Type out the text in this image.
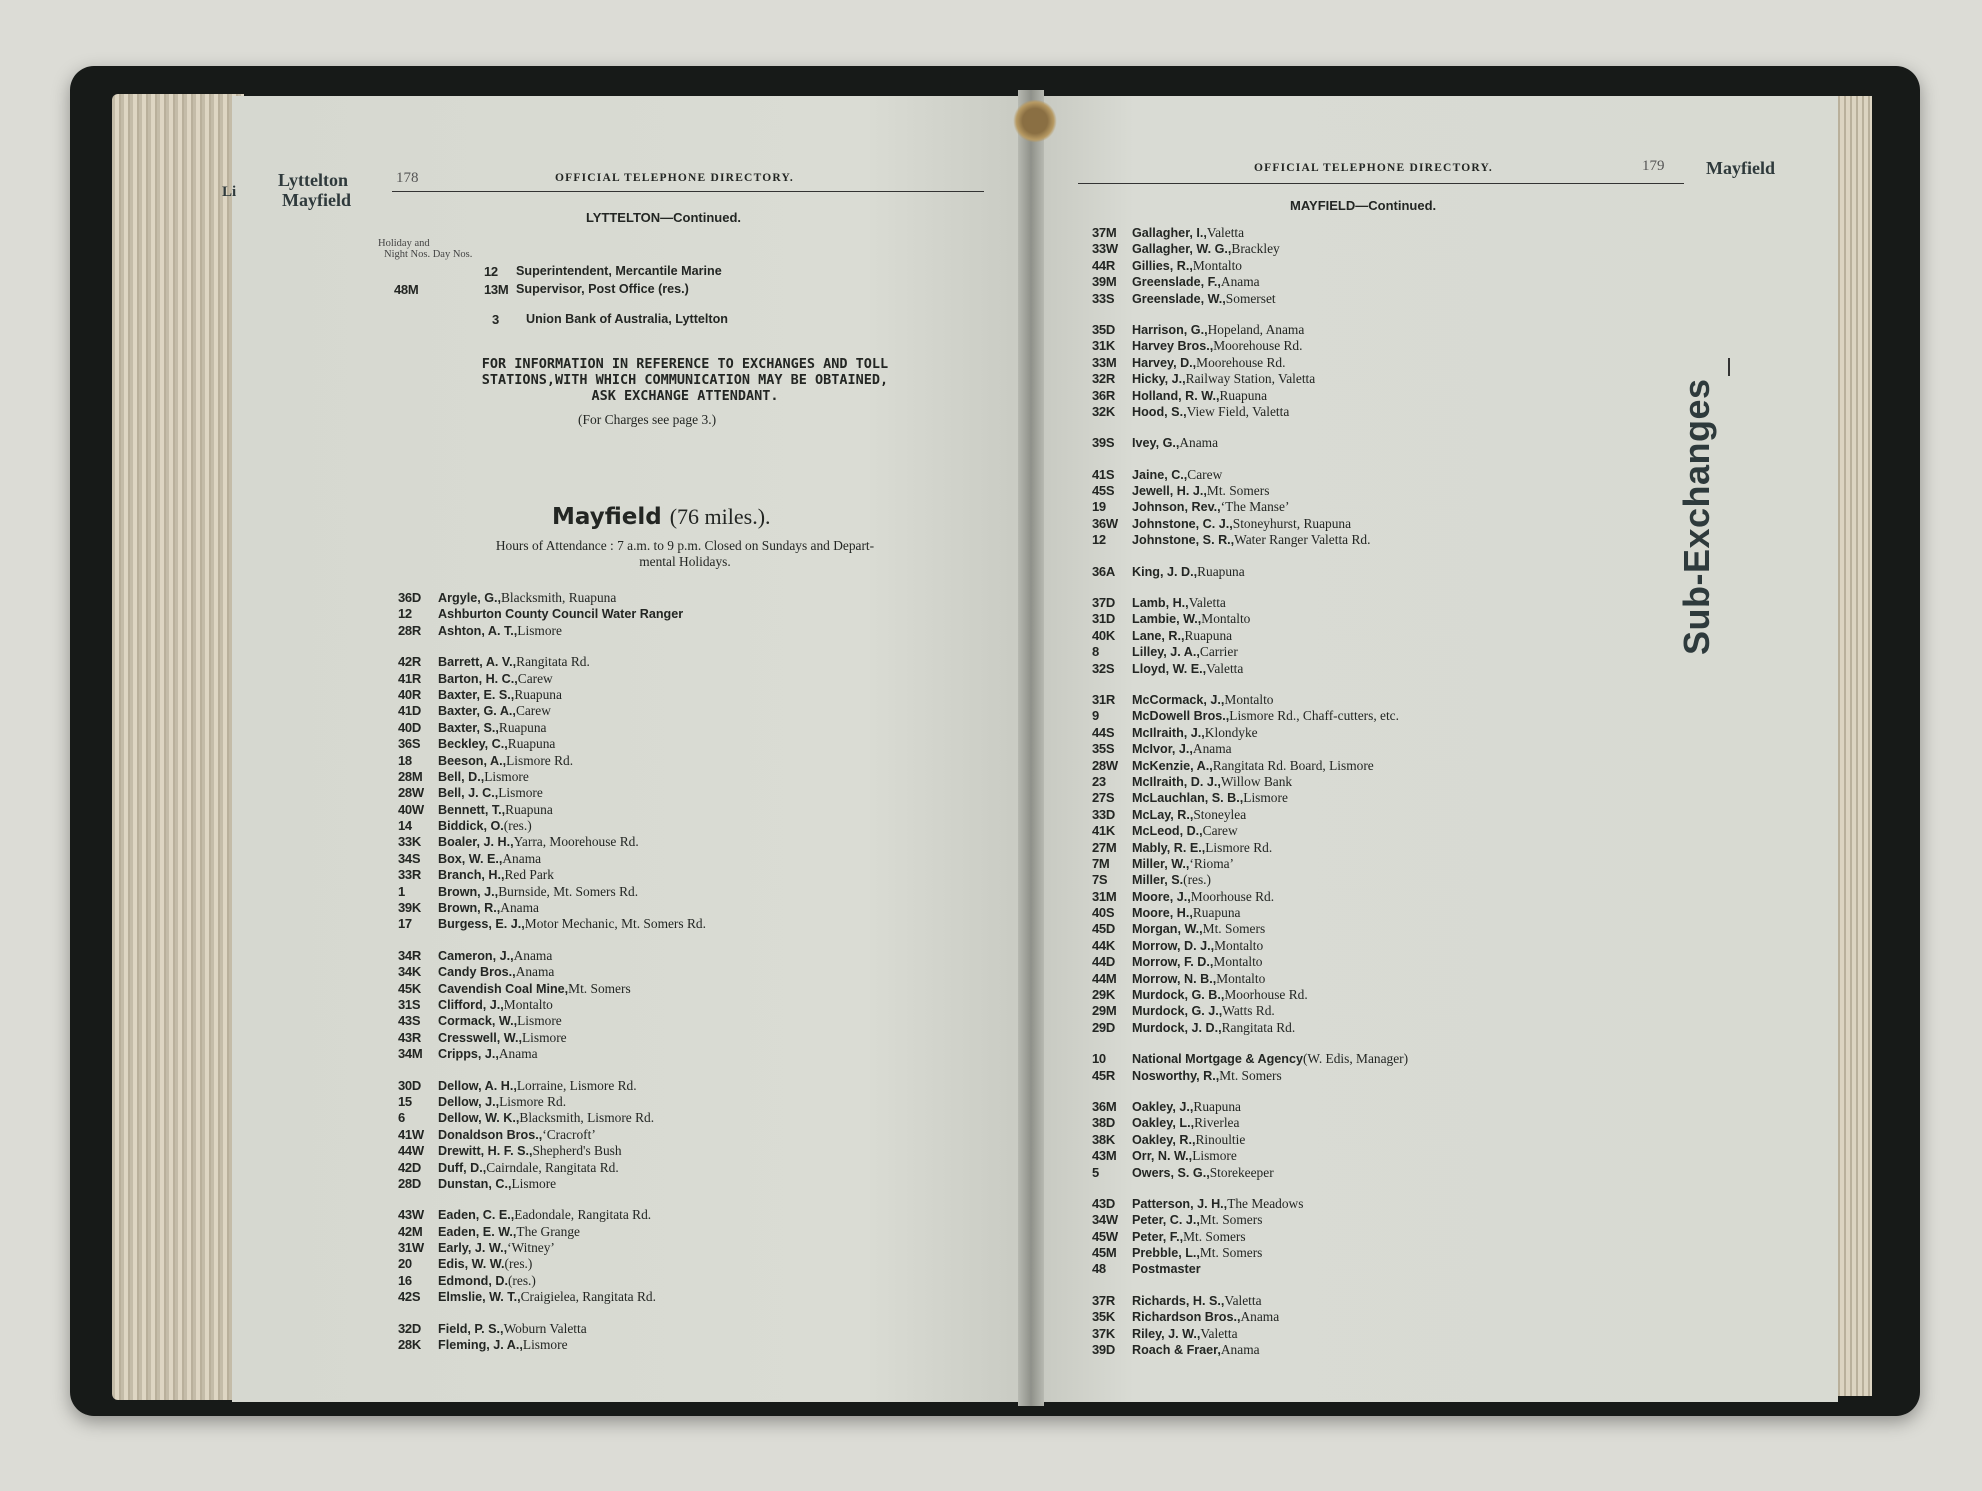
Li
Lyttelton
Mayfield
178	OFFICIAL TELEPHONE DIRECTORY.
LYTTELTON—Continued.
Holiday and
Night Nos. Day Nos.
12	Superintendent, Mercantile Marine
48M	13M Supervisor, Post Office (res.)
3	Union Bank of Australia, Lyttelton
FOR INFORMATION IN REFERENCE TO EXCHANGES AND TOLL
STATIONS,WITH WHICH COMMUNICATION MAY BE OBTAINED,
ASK EXCHANGE ATTENDANT.
(For Charges see page 3.)
Mayfield (76 miles.).
Hours of Attendance : 7 a.m. to 9 p.m. Closed on Sundays and Depart-
mental Holidays.
36D	Argyle, G., Blacksmith, Ruapuna
12	Ashburton County Council Water Ranger
28R	Ashton, A. T., Lismore
42R	Barrett, A. V., Rangitata Rd.
41R	Barton, H. C., Carew
40R	Baxter, E. S., Ruapuna
41D	Baxter, G. A., Carew
40D	Baxter, S., Ruapuna
36S	Beckley, C., Ruapuna
18	Beeson, A., Lismore Rd.
28M	Bell, D., Lismore
28W	Bell, J. C., Lismore
40W	Bennett, T., Ruapuna
14	Biddick, O. (res.)
33K	Boaler, J. H., Yarra, Moorehouse Rd.
34S	Box, W. E., Anama
33R	Branch, H., Red Park
1	Brown, J., Burnside, Mt. Somers Rd.
39K	Brown, R., Anama
17	Burgess, E. J., Motor Mechanic, Mt. Somers Rd.
34R	Cameron, J., Anama
34K	Candy Bros., Anama
45K	Cavendish Coal Mine, Mt. Somers
31S	Clifford, J., Montalto
43S	Cormack, W., Lismore
43R	Cresswell, W., Lismore
34M	Cripps, J., Anama
30D	Dellow, A. H., Lorraine, Lismore Rd.
15	Dellow, J., Lismore Rd.
6	Dellow, W. K., Blacksmith, Lismore Rd.
41W	Donaldson Bros., ‘Cracroft’
44W	Drewitt, H. F. S., Shepherd's Bush
42D	Duff, D., Cairndale, Rangitata Rd.
28D	Dunstan, C., Lismore
43W	Eaden, C. E., Eadondale, Rangitata Rd.
42M	Eaden, E. W., The Grange
31W	Early, J. W., ‘Witney’
20	Edis, W. W. (res.)
16	Edmond, D. (res.)
42S	Elmslie, W. T., Craigielea, Rangitata Rd.
32D	Field, P. S., Woburn Valetta
28K	Fleming, J. A., Lismore
OFFICIAL TELEPHONE DIRECTORY.	179 Mayfield
MAYFIELD—Continued.
37M	Gallagher, I., Valetta
33W	Gallagher, W. G., Brackley
44R	Gillies, R., Montalto
39M	Greenslade, F., Anama
33S	Greenslade, W., Somerset
35D	Harrison, G., Hopeland, Anama
31K	Harvey Bros., Moorehouse Rd.
33M	Harvey, D., Moorehouse Rd.
32R	Hicky, J., Railway Station, Valetta
36R	Holland, R. W., Ruapuna
32K	Hood, S., View Field, Valetta
39S	Ivey, G., Anama
41S	Jaine, C., Carew
45S	Jewell, H. J., Mt. Somers
19	Johnson, Rev., ‘The Manse’
36W	Johnstone, C. J., Stoneyhurst, Ruapuna
12	Johnstone, S. R., Water Ranger Valetta Rd.
36A	King, J. D., Ruapuna
37D	Lamb, H., Valetta
31D	Lambie, W., Montalto
40K	Lane, R., Ruapuna
8	Lilley, J. A., Carrier
32S	Lloyd, W. E., Valetta
31R	McCormack, J., Montalto
9	McDowell Bros., Lismore Rd., Chaff-cutters, etc.
44S	McIlraith, J., Klondyke
35S	McIvor, J., Anama
28W	McKenzie, A., Rangitata Rd. Board, Lismore
23	McIlraith, D. J., Willow Bank
27S	McLauchlan, S. B., Lismore
33D	McLay, R., Stoneylea
41K	McLeod, D., Carew
27M	Mably, R. E., Lismore Rd.
7M	Miller, W., ‘Rioma’
7S	Miller, S. (res.)
31M	Moore, J., Moorhouse Rd.
40S	Moore, H., Ruapuna
45D	Morgan, W., Mt. Somers
44K	Morrow, D. J., Montalto
44D	Morrow, F. D., Montalto
44M	Morrow, N. B., Montalto
29K	Murdock, G. B., Moorhouse Rd.
29M	Murdock, G. J., Watts Rd.
29D	Murdock, J. D., Rangitata Rd.
10	National Mortgage & Agency (W. Edis, Manager)
45R	Nosworthy, R., Mt. Somers
36M	Oakley, J., Ruapuna
38D	Oakley, L., Riverlea
38K	Oakley, R., Rinoultie
43M	Orr, N. W., Lismore
5	Owers, S. G., Storekeeper
43D	Patterson, J. H., The Meadows
34W	Peter, C. J., Mt. Somers
45W	Peter, F., Mt. Somers
45M	Prebble, L., Mt. Somers
48	Postmaster
37R	Richards, H. S., Valetta
35K	Richardson Bros., Anama
37K	Riley, J. W., Valetta
39D	Roach & Fraer, Anama
Sub-Exchanges
